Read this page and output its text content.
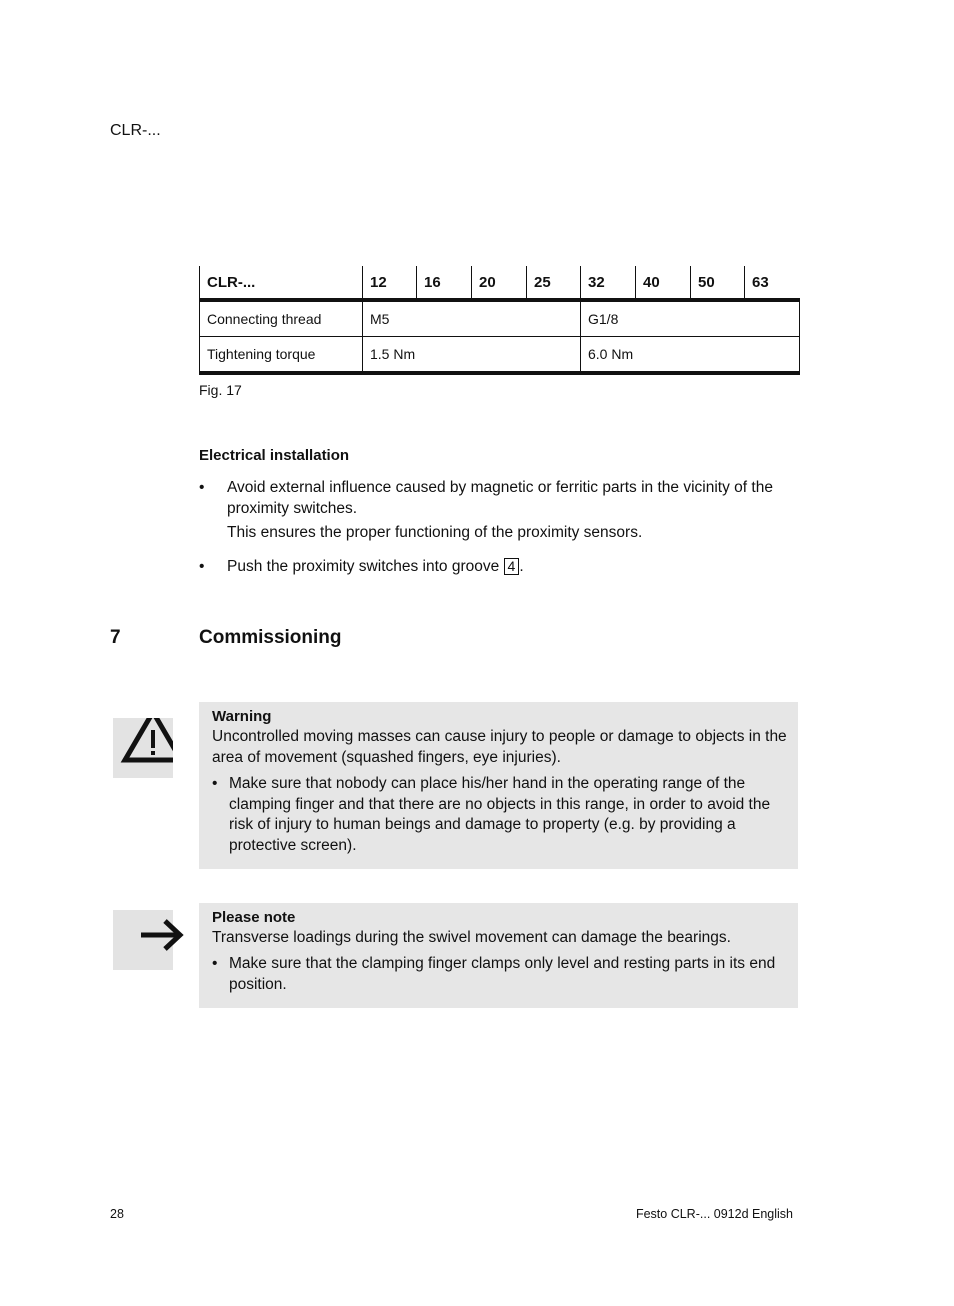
CLR-...
CLR-...	12	16	20	25	32	40	50	63
Connecting thread	M5				G1/8			
Tightening torque	1.5 Nm				6.0 Nm			
Fig. 17
Electrical installation
• Avoid external influence caused by magnetic or ferritic parts in the vicinity of the proximity switches.
This ensures the proper functioning of the proximity sensors.
• Push the proximity switches into groove 4 .
7	Commissioning
Warning
Uncontrolled moving masses can cause injury to people or damage to objects in the area of movement (squashed fingers, eye injuries).
• Make sure that nobody can place his/her hand in the operating range of the clamping finger and that there are no objects in this range, in order to avoid the risk of injury to human beings and damage to property (e.g. by providing a protective screen).
Please note
Transverse loadings during the swivel movement can damage the bearings.
• Make sure that the clamping finger clamps only level and resting parts in its end position.
28	Festo CLR-... 0912d English
